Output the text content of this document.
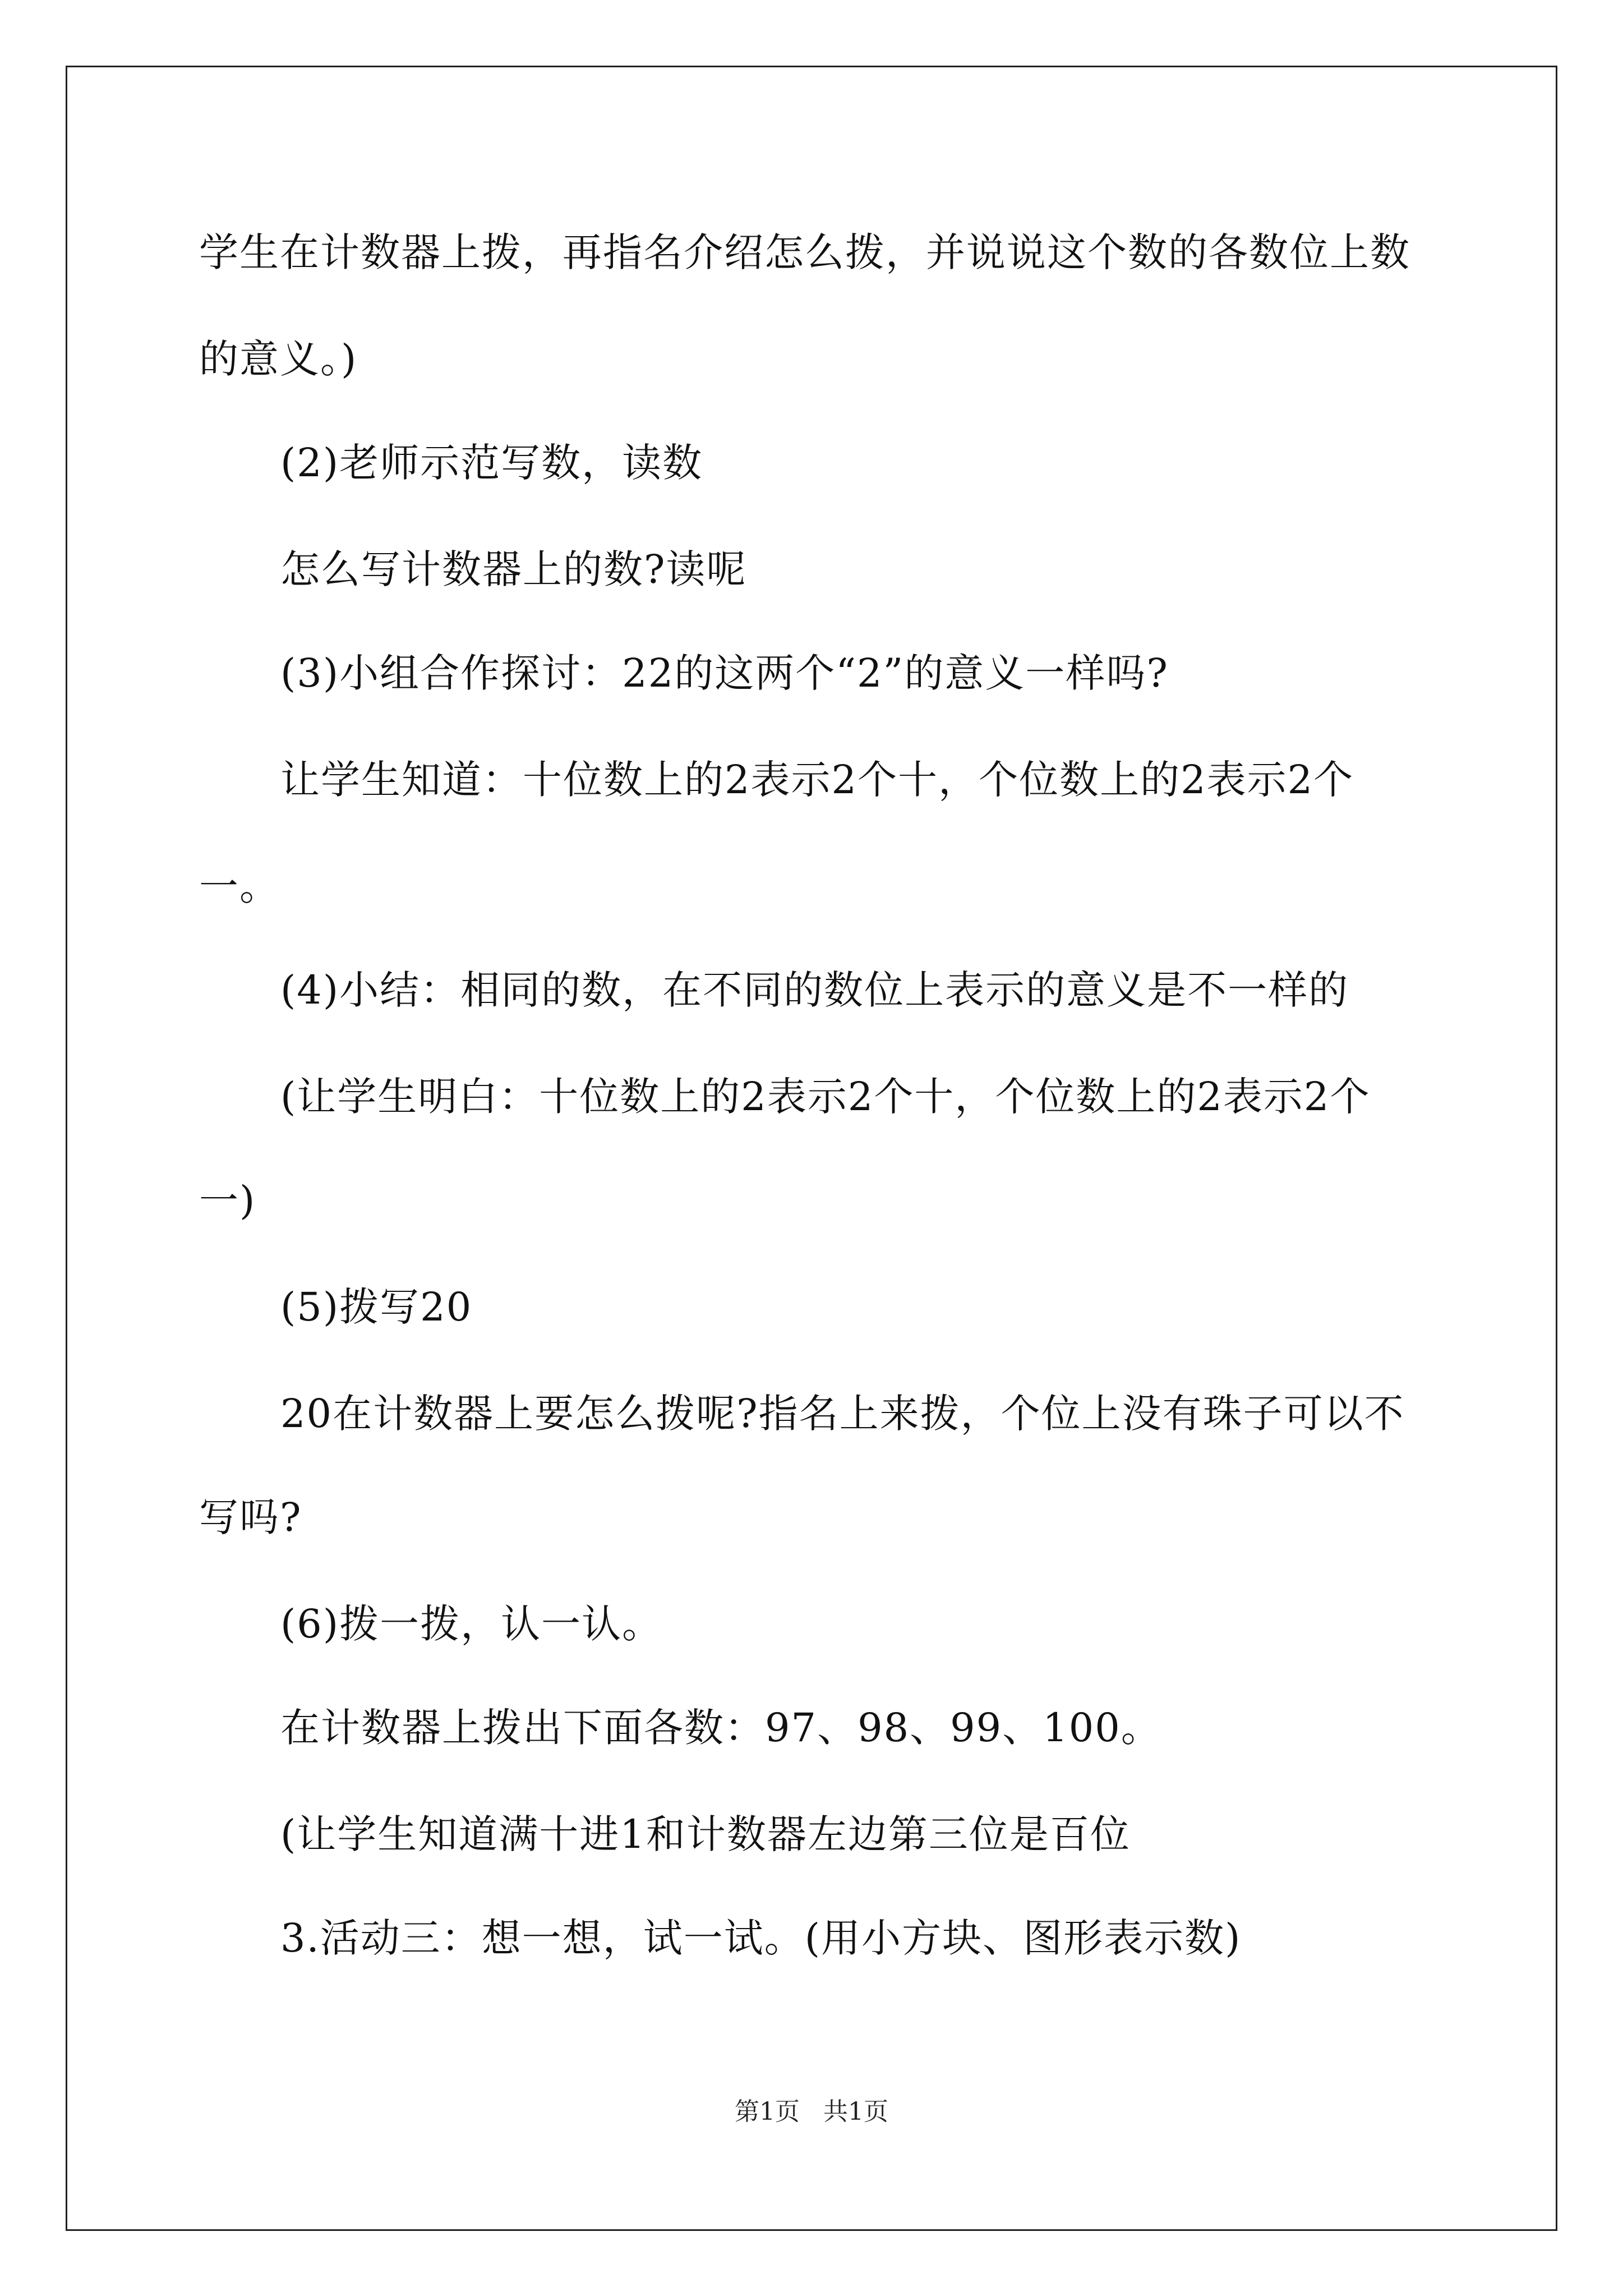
学生在计数器上拨，再指名介绍怎么拨，并说说这个数的各数位上数
的意义。)
(2)老师示范写数，读数
怎么写计数器上的数?读呢
(3)小组合作探讨：22的这两个“2”的意义一样吗?
让学生知道：十位数上的2表示2个十，个位数上的2表示2个
一。
(4)小结：相同的数，在不同的数位上表示的意义是不一样的
(让学生明白：十位数上的2表示2个十，个位数上的2表示2个
一)
(5)拨写20
20在计数器上要怎么拨呢?指名上来拨，个位上没有珠子可以不
写吗?
(6)拨一拨，认一认。
在计数器上拨出下面各数：97、98、99、100。
(让学生知道满十进1和计数器左边第三位是百位
3.活动三：想一想，试一试。(用小方块、图形表示数)
第1页   共1页
